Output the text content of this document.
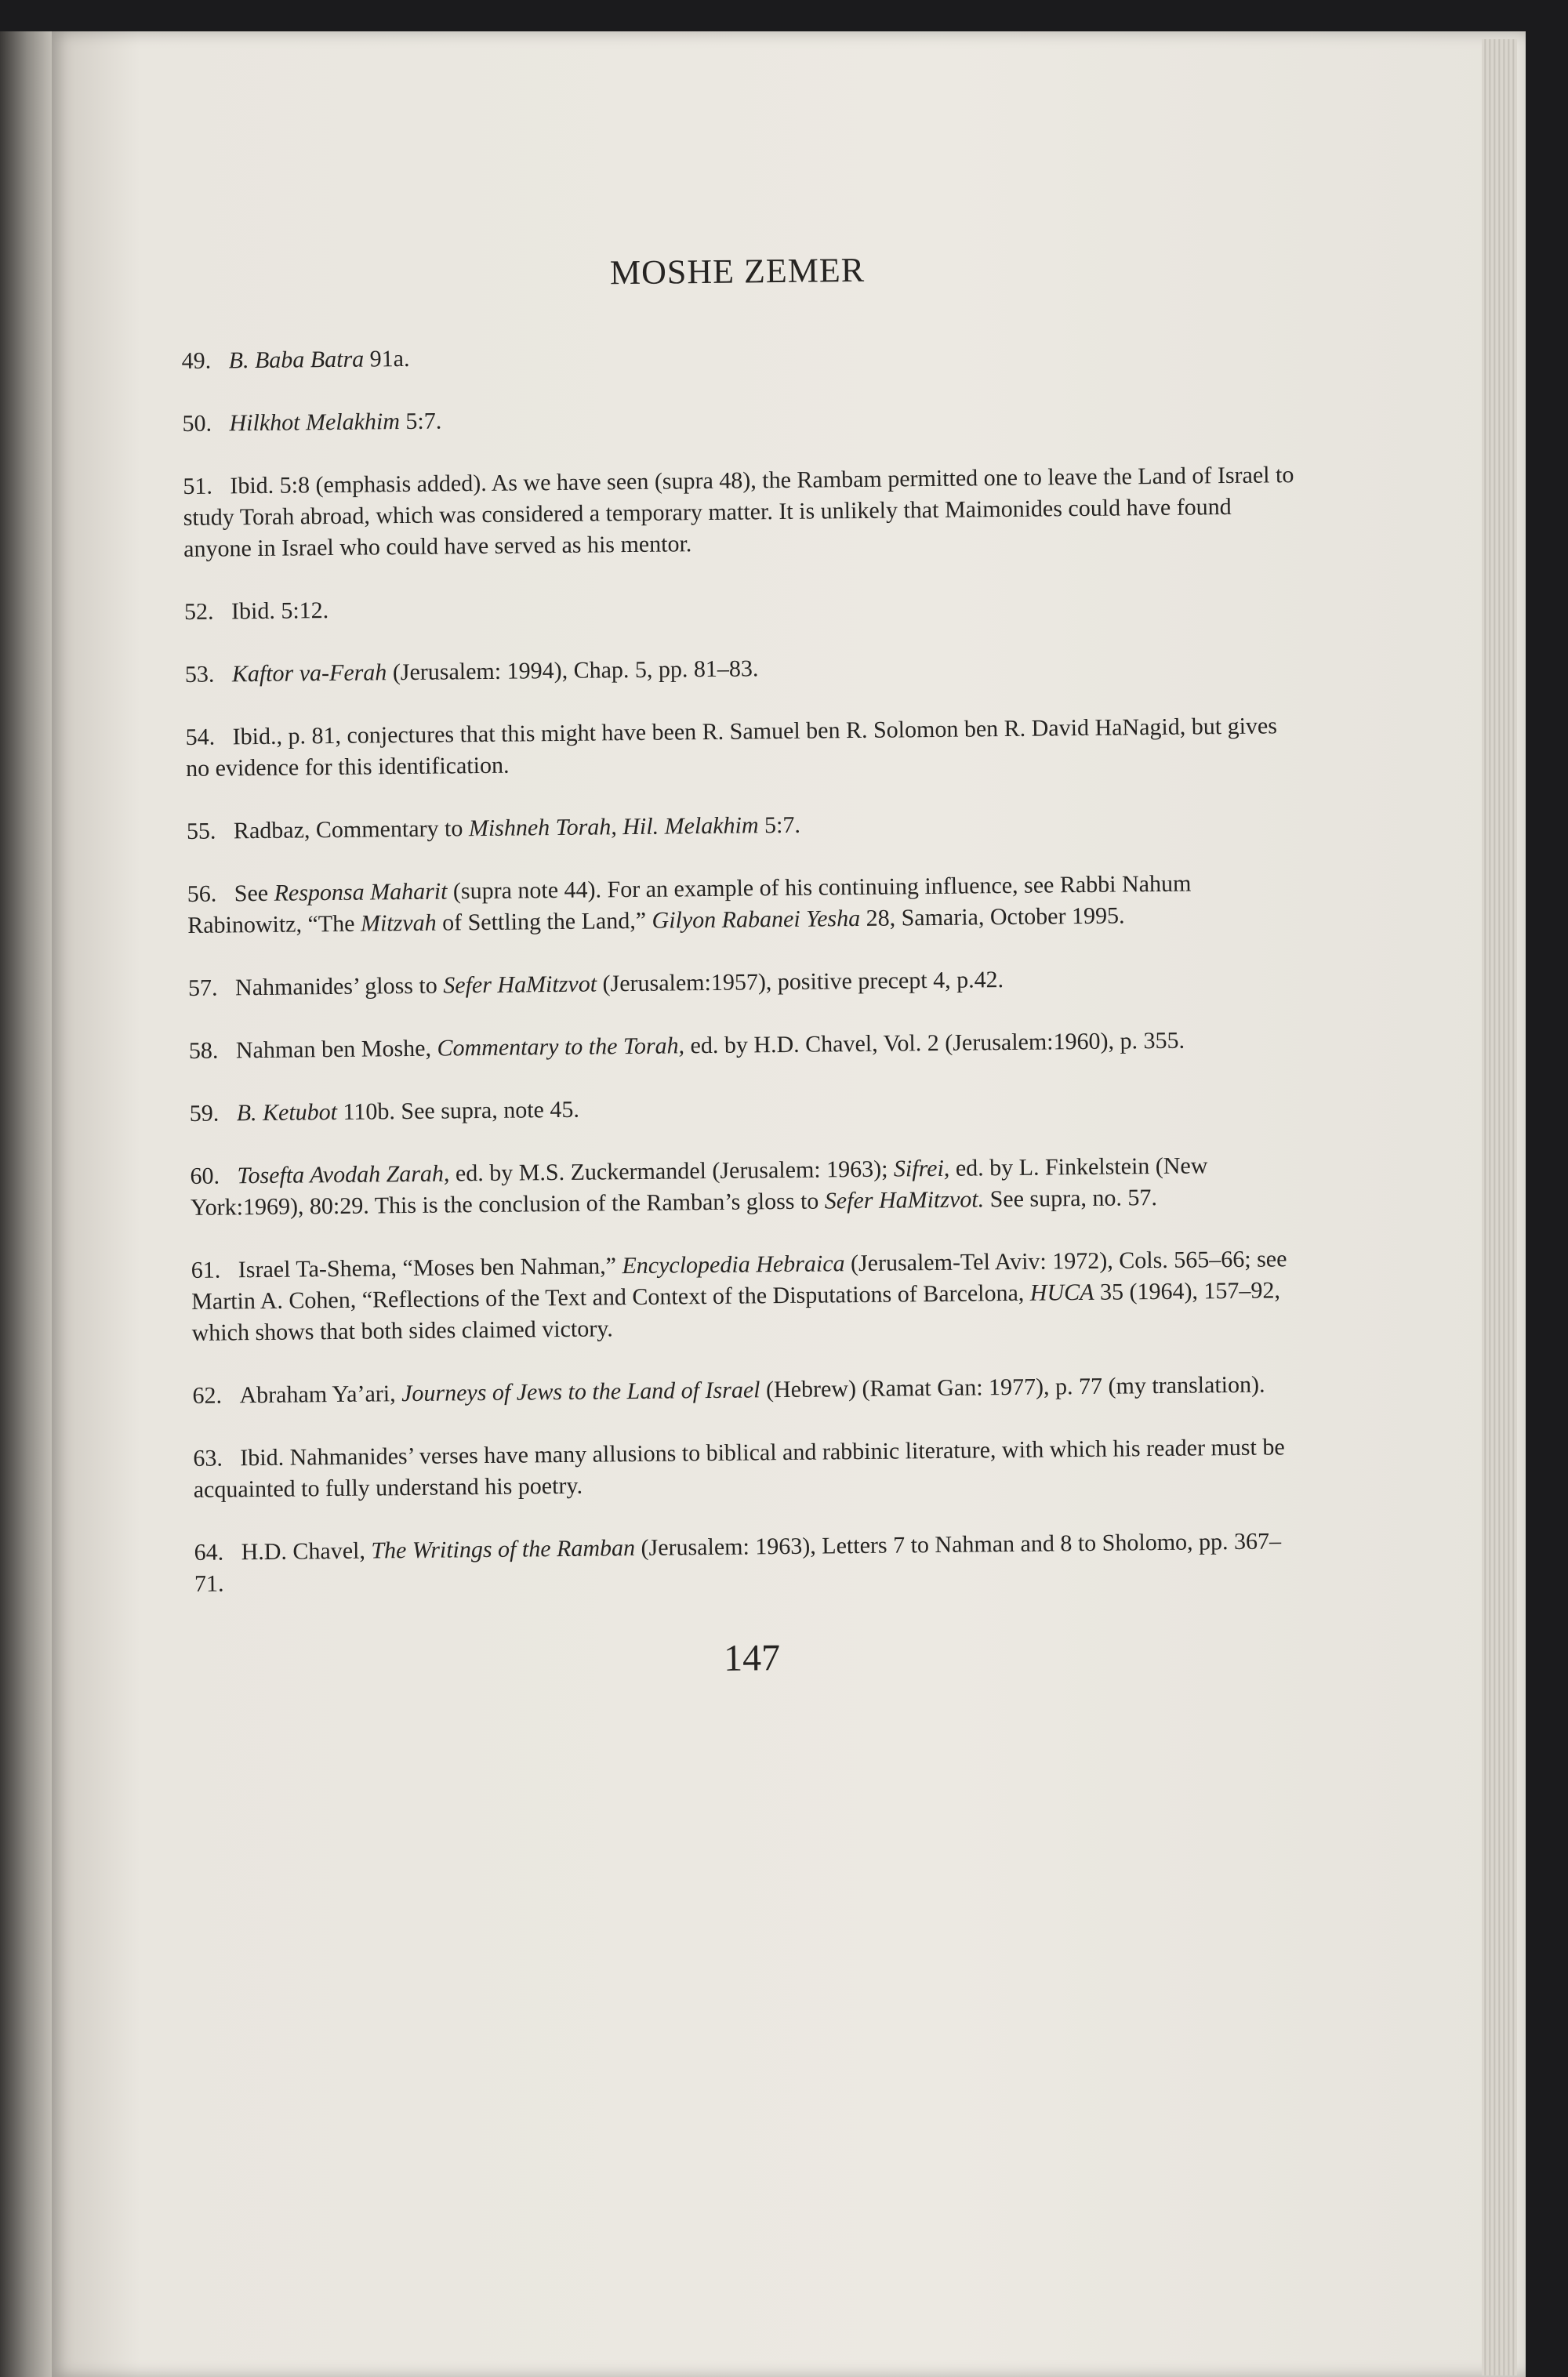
MOSHE ZEMER

49. B. Baba Batra 91a.

50. Hilkhot Melakhim 5:7.

51. Ibid. 5:8 (emphasis added). As we have seen (supra 48), the Rambam permitted one to leave the Land of Israel to study Torah abroad, which was considered a temporary matter. It is unlikely that Maimonides could have found anyone in Israel who could have served as his mentor.

52. Ibid. 5:12.

53. Kaftor va-Ferah (Jerusalem: 1994), Chap. 5, pp. 81–83.

54. Ibid., p. 81, conjectures that this might have been R. Samuel ben R. Solomon ben R. David HaNagid, but gives no evidence for this identification.

55. Radbaz, Commentary to Mishneh Torah, Hil. Melakhim 5:7.

56. See Responsa Maharit (supra note 44). For an example of his continuing influence, see Rabbi Nahum Rabinowitz, “The Mitzvah of Settling the Land,” Gilyon Rabanei Yesha 28, Samaria, October 1995.

57. Nahmanides’ gloss to Sefer HaMitzvot (Jerusalem:1957), positive precept 4, p.42.

58. Nahman ben Moshe, Commentary to the Torah, ed. by H.D. Chavel, Vol. 2 (Jerusalem:1960), p. 355.

59. B. Ketubot 110b. See supra, note 45.

60. Tosefta Avodah Zarah, ed. by M.S. Zuckermandel (Jerusalem: 1963); Sifrei, ed. by L. Finkelstein (New York:1969), 80:29. This is the conclusion of the Ramban’s gloss to Sefer HaMitzvot. See supra, no. 57.

61. Israel Ta-Shema, “Moses ben Nahman,” Encyclopedia Hebraica (Jerusalem-Tel Aviv: 1972), Cols. 565–66; see Martin A. Cohen, “Reflections of the Text and Context of the Disputations of Barcelona, HUCA 35 (1964), 157–92, which shows that both sides claimed victory.

62. Abraham Ya’ari, Journeys of Jews to the Land of Israel (Hebrew) (Ramat Gan: 1977), p. 77 (my translation).

63. Ibid. Nahmanides’ verses have many allusions to biblical and rabbinic literature, with which his reader must be acquainted to fully understand his poetry.

64. H.D. Chavel, The Writings of the Ramban (Jerusalem: 1963), Letters 7 to Nahman and 8 to Sholomo, pp. 367–71.

147
